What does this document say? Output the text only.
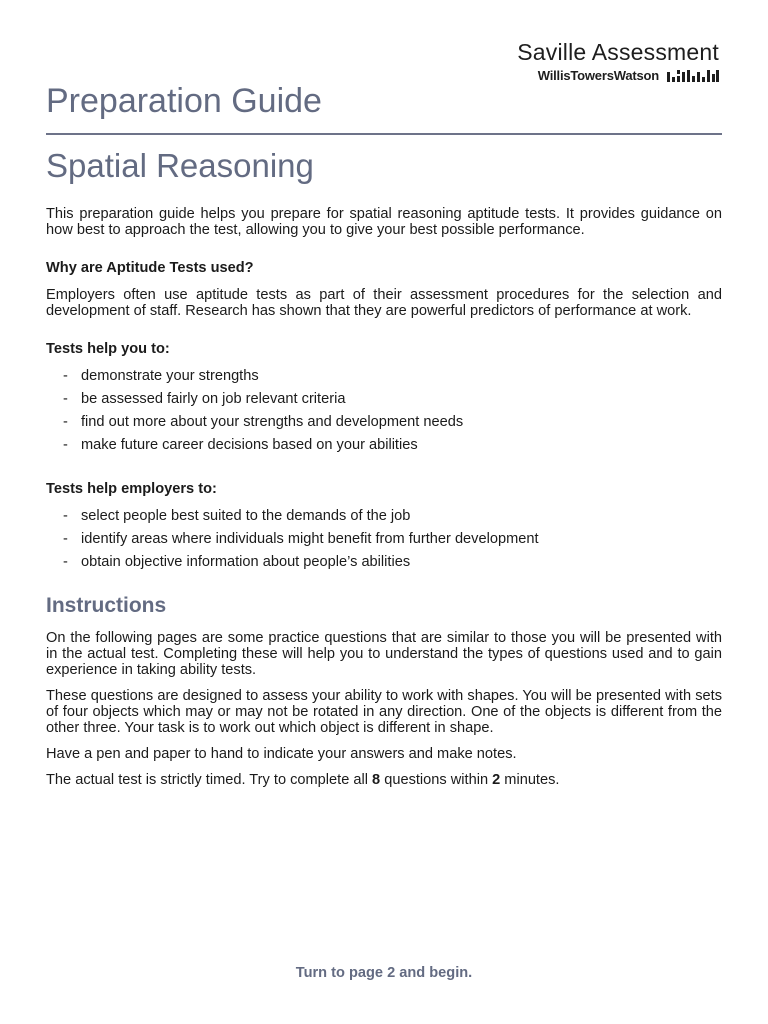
Saville Assessment
WillisTowersWatson
Preparation Guide
Spatial Reasoning

This preparation guide helps you prepare for spatial reasoning aptitude tests. It provides guidance on how best to approach the test, allowing you to give your best possible performance.

Why are Aptitude Tests used?

Employers often use aptitude tests as part of their assessment procedures for the selection and development of staff. Research has shown that they are powerful predictors of performance at work.

Tests help you to:

- demonstrate your strengths
- be assessed fairly on job relevant criteria
- find out more about your strengths and development needs
- make future career decisions based on your abilities

Tests help employers to:

- select people best suited to the demands of the job
- identify areas where individuals might benefit from further development
- obtain objective information about people’s abilities
Instructions

On the following pages are some practice questions that are similar to those you will be presented with in the actual test. Completing these will help you to understand the types of questions used and to gain experience in taking ability tests.

These questions are designed to assess your ability to work with shapes. You will be presented with sets of four objects which may or may not be rotated in any direction. One of the objects is different from the other three. Your task is to work out which object is different in shape.

Have a pen and paper to hand to indicate your answers and make notes.

The actual test is strictly timed. Try to complete all 8 questions within 2 minutes.

Turn to page 2 and begin.
